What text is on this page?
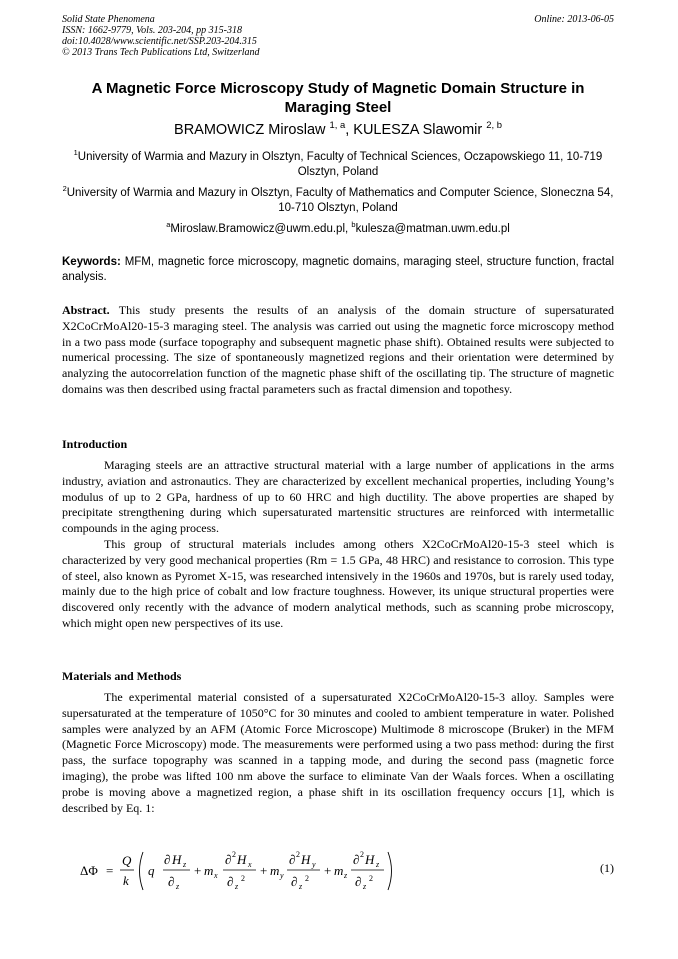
Solid State Phenomena
ISSN: 1662-9779, Vols. 203-204, pp 315-318
doi:10.4028/www.scientific.net/SSP.203-204.315
© 2013 Trans Tech Publications Ltd, Switzerland
Online: 2013-06-05
A Magnetic Force Microscopy Study of Magnetic Domain Structure in Maraging Steel
BRAMOWICZ Miroslaw $^{1, a}$, KULESZA Slawomir $^{2, b}$
$^1$University of Warmia and Mazury in Olsztyn, Faculty of Technical Sciences, Oczapowskiego 11, 10-719 Olsztyn, Poland
$^2$University of Warmia and Mazury in Olsztyn, Faculty of Mathematics and Computer Science, Sloneczna 54, 10-710 Olsztyn, Poland
$^a$Miroslaw.Bramowicz@uwm.edu.pl, $^b$kulesza@matman.uwm.edu.pl
Keywords: MFM, magnetic force microscopy, magnetic domains, maraging steel, structure function, fractal analysis.
Abstract. This study presents the results of an analysis of the domain structure of supersaturated X2CoCrMoAl20-15-3 maraging steel. The analysis was carried out using the magnetic force microscopy method in a two pass mode (surface topography and subsequent magnetic phase shift). Obtained results were subjected to numerical processing. The size of spontaneously magnetized regions and their orientation were determined by analyzing the autocorrelation function of the magnetic phase shift of the oscillating tip. The structure of magnetic domains was then described using fractal parameters such as fractal dimension and topothesy.
Introduction

Maraging steels are an attractive structural material with a large number of applications in the arms industry, aviation and astronautics. They are characterized by excellent mechanical properties, including Young’s modulus of up to 2 GPa, hardness of up to 60 HRC and high ductility. The above properties are shaped by precipitate strengthening during which supersaturated martensitic structures are reinforced with intermetallic compounds in the aging process.

This group of structural materials includes among others X2CoCrMoAl20-15-3 steel which is characterized by very good mechanical properties (Rm = 1.5 GPa, 48 HRC) and resistance to corrosion. This type of steel, also known as Pyromet X-15, was researched intensively in the 1960s and 1970s, but is rarely used today, mainly due to the high price of cobalt and low fracture toughness. However, its unique structural properties were discovered only recently with the advance of modern analytical methods, such as scanning probe microscopy, which might open new perspectives of its use.

Materials and Methods

The experimental material consisted of a supersaturated X2CoCrMoAl20-15-3 alloy. Samples were supersaturated at the temperature of 1050°C for 30 minutes and cooled to ambient temperature in water. Polished samples were analyzed by an AFM (Atomic Force Microscope) Multimode 8 microscope (Bruker) in the MFM (Magnetic Force Microscopy) mode. The measurements were performed using a two pass method: during the first pass, the surface topography was scanned in a tapping mode, and during the second pass (magnetic force imaging), the probe was lifted 100 nm above the surface to eliminate Van der Waals forces. When a oscillating probe is moving above a magnetized region, a phase shift in its oscillation frequency occurs [1], which is described by Eq. 1:

ΔΦ =
Q
k
q
∂ H z
∂ z
+ m x
∂ 2 H x
∂ z
2
+ m y
∂ 2 H y
∂ z
2
+ m z
∂ 2 H z
∂ z
2
(1)
